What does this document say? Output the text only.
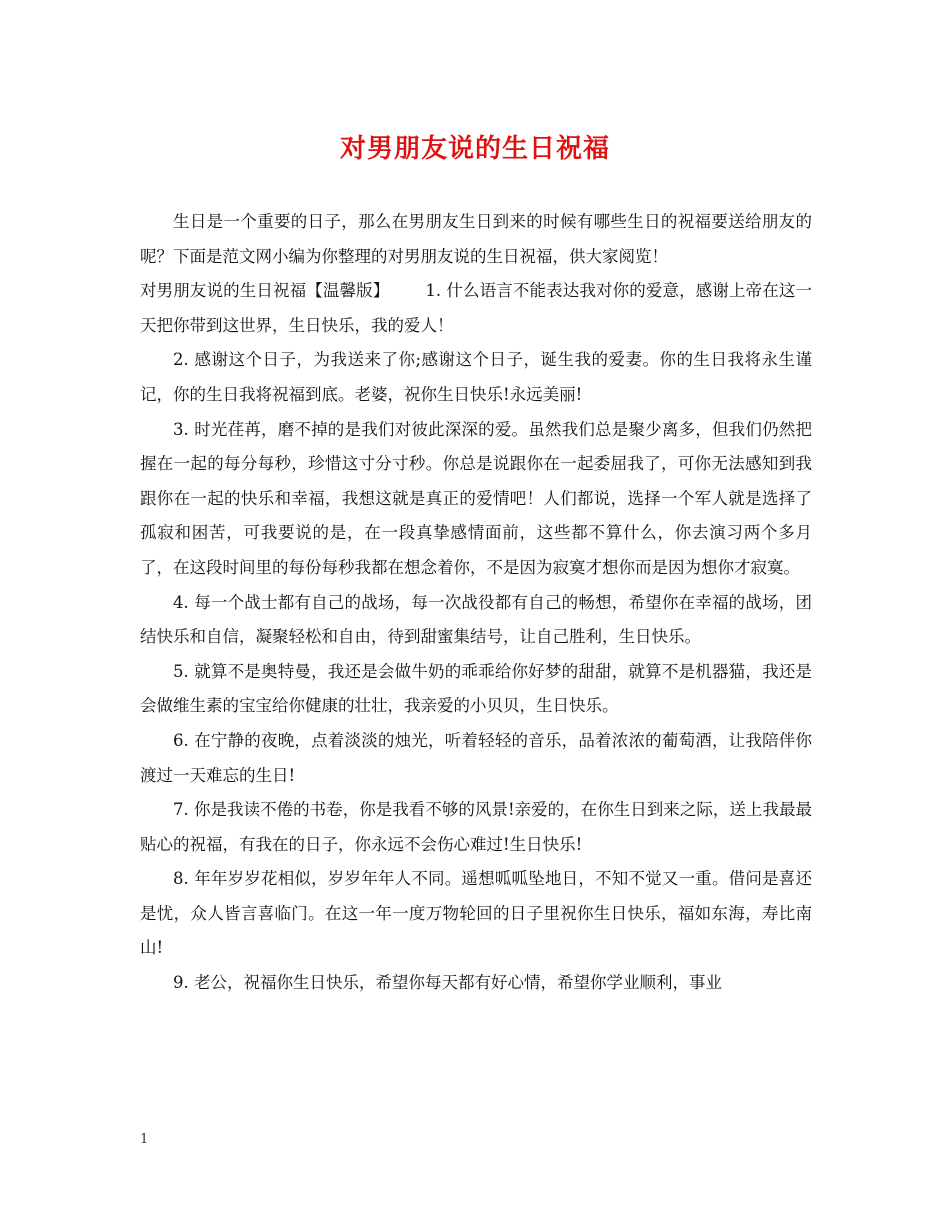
对男朋友说的生日祝福

生日是一个重要的日子，那么在男朋友生日到来的时候有哪些生日的祝福要送给朋友的呢？下面是范文网小编为你整理的对男朋友说的生日祝福，供大家阅览！

对男朋友说的生日祝福【温馨版】 1. 什么语言不能表达我对你的爱意，感谢上帝在这一天把你带到这世界，生日快乐，我的爱人！

2. 感谢这个日子，为我送来了你;感谢这个日子，诞生我的爱妻。你的生日我将永生谨记，你的生日我将祝福到底。老婆，祝你生日快乐!永远美丽!

3. 时光荏苒，磨不掉的是我们对彼此深深的爱。虽然我们总是聚少离多，但我们仍然把握在一起的每分每秒，珍惜这寸分寸秒。你总是说跟你在一起委屈我了，可你无法感知到我跟你在一起的快乐和幸福，我想这就是真正的爱情吧！人们都说，选择一个军人就是选择了孤寂和困苦，可我要说的是，在一段真挚感情面前，这些都不算什么，你去演习两个多月了，在这段时间里的每份每秒我都在想念着你，不是因为寂寞才想你而是因为想你才寂寞。

4. 每一个战士都有自己的战场，每一次战役都有自己的畅想，希望你在幸福的战场，团结快乐和自信，凝聚轻松和自由，待到甜蜜集结号，让自己胜利，生日快乐。

5. 就算不是奥特曼，我还是会做牛奶的乖乖给你好梦的甜甜，就算不是机器猫，我还是会做维生素的宝宝给你健康的壮壮，我亲爱的小贝贝，生日快乐。

6. 在宁静的夜晚，点着淡淡的烛光，听着轻轻的音乐，品着浓浓的葡萄酒，让我陪伴你渡过一天难忘的生日!

7. 你是我读不倦的书卷，你是我看不够的风景!亲爱的，在你生日到来之际，送上我最最贴心的祝福，有我在的日子，你永远不会伤心难过!生日快乐!

8. 年年岁岁花相似，岁岁年年人不同。遥想呱呱坠地日，不知不觉又一重。借问是喜还是忧，众人皆言喜临门。在这一年一度万物轮回的日子里祝你生日快乐，福如东海，寿比南山!

9. 老公，祝福你生日快乐，希望你每天都有好心情，希望你学业顺利，事业

1
